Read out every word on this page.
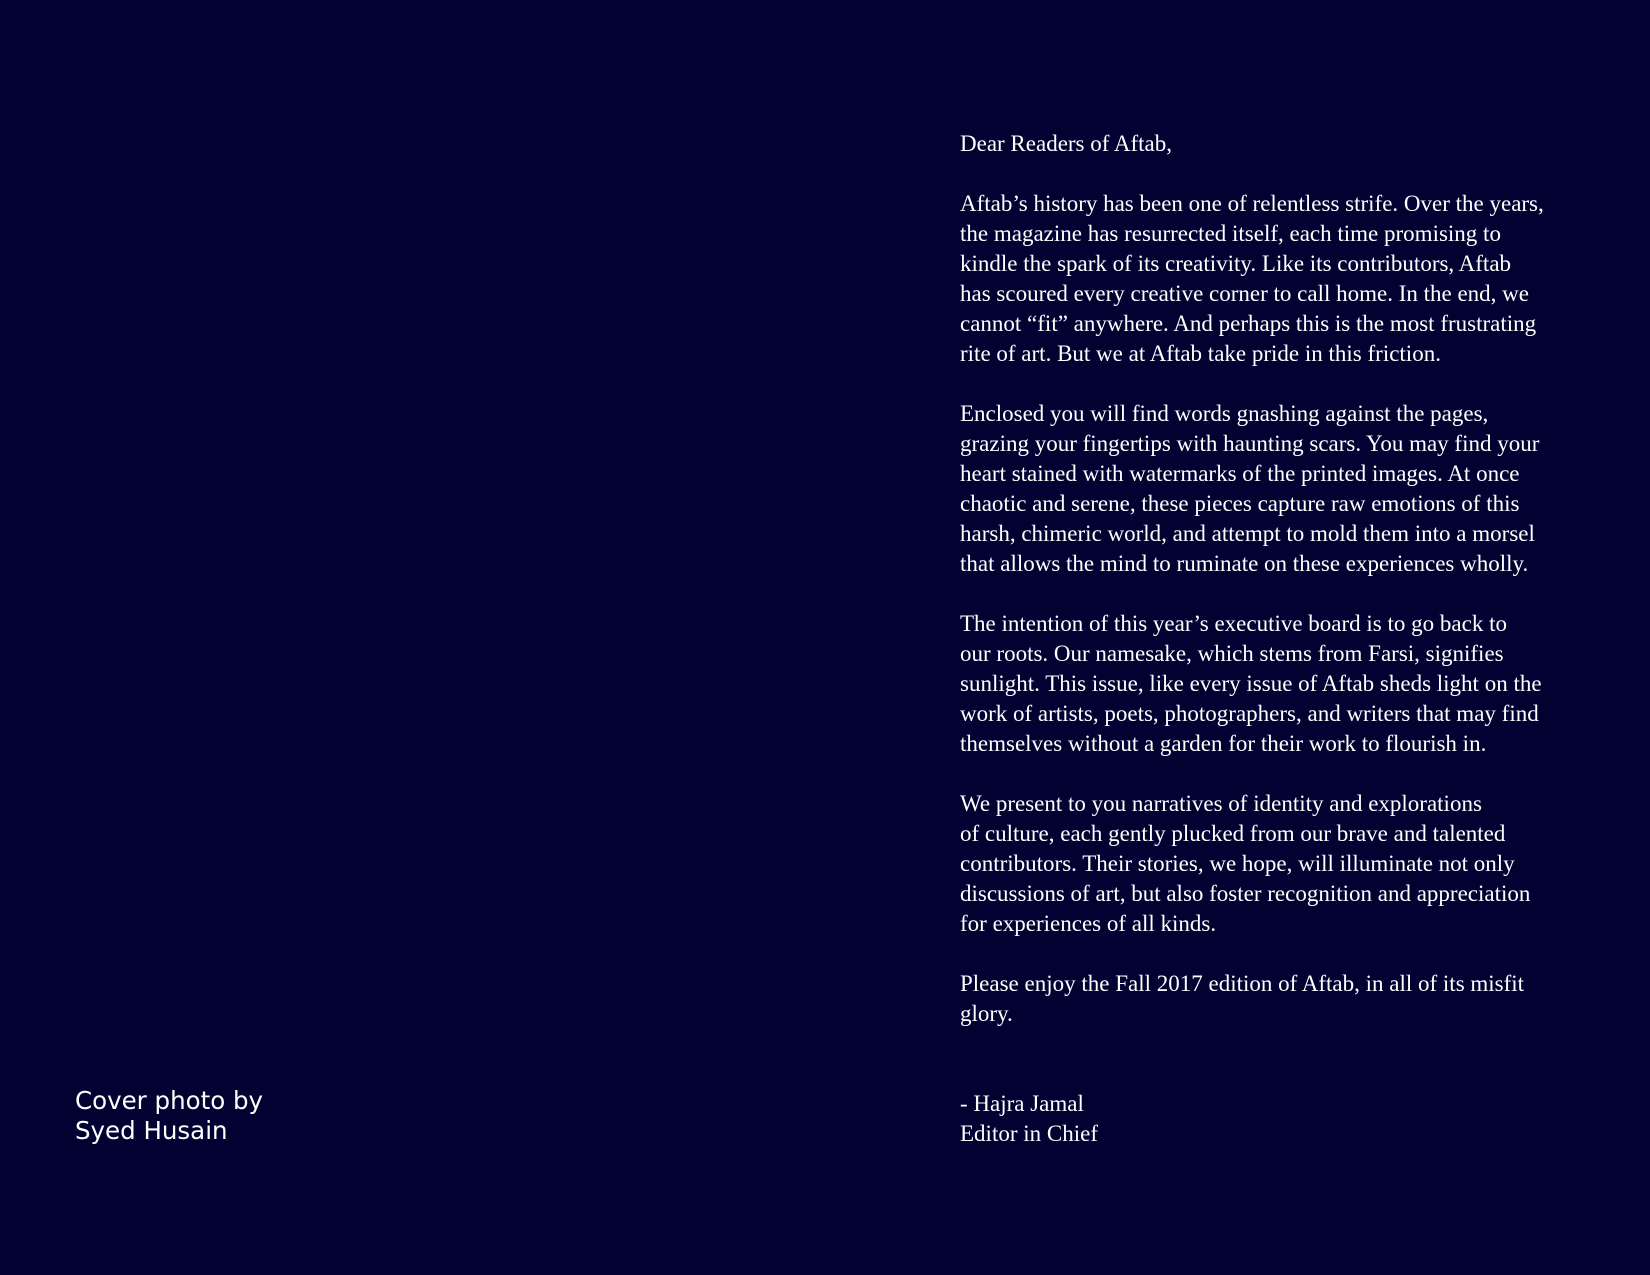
Cover photo by
Syed Husain
Dear Readers of Aftab,
Aftab’s history has been one of relentless strife. Over the years,
the magazine has resurrected itself, each time promising to
kindle the spark of its creativity. Like its contributors, Aftab
has scoured every creative corner to call home. In the end, we
cannot “fit” anywhere. And perhaps this is the most frustrating
rite of art. But we at Aftab take pride in this friction.
Enclosed you will find words gnashing against the pages,
grazing your fingertips with haunting scars. You may find your
heart stained with watermarks of the printed images. At once
chaotic and serene, these pieces capture raw emotions of this
harsh, chimeric world, and attempt to mold them into a morsel
that allows the mind to ruminate on these experiences wholly.
The intention of this year’s executive board is to go back to
our roots. Our namesake, which stems from Farsi, signifies
sunlight. This issue, like every issue of Aftab sheds light on the
work of artists, poets, photographers, and writers that may find
themselves without a garden for their work to flourish in.
We present to you narratives of identity and explorations
of culture, each gently plucked from our brave and talented
contributors. Their stories, we hope, will illuminate not only
discussions of art, but also foster recognition and appreciation
for experiences of all kinds.
Please enjoy the Fall 2017 edition of Aftab, in all of its misfit
glory.
- Hajra Jamal
Editor in Chief
